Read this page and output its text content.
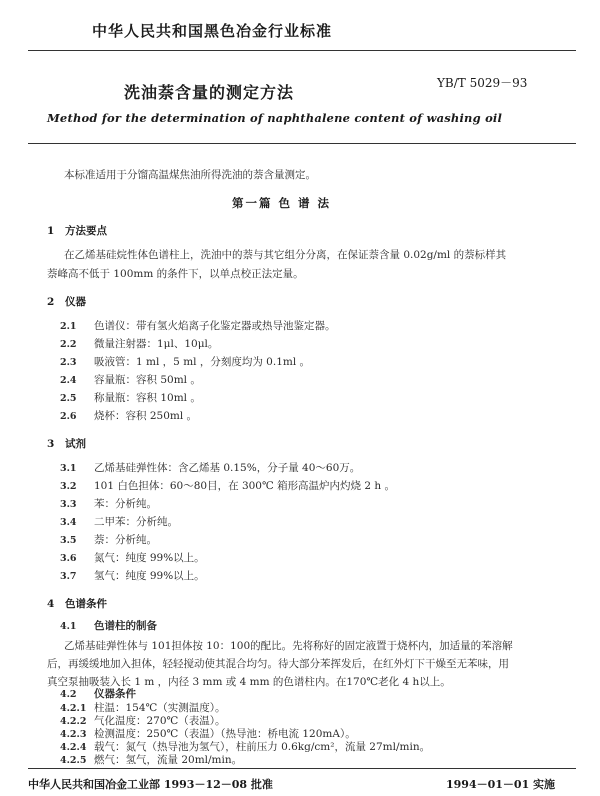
中华人民共和国黑色冶金行业标准
洗油萘含量的测定方法	YB/T 5029－93
Method for the determination of naphthalene content of washing oil
本标准适用于分馏高温煤焦油所得洗油的萘含量测定。
第一篇 色 谱 法
1 方法要点
在乙烯基硅烷性体色谱柱上，洗油中的萘与其它组分分离，在保证萘含量 0.02g/ml 的萘标样其
萘峰高不低于 100mm 的条件下，以单点校正法定量。
2 仪器
2.1 色谱仪：带有氢火焰离子化鉴定器或热导池鉴定器。
2.2 微量注射器：1μl、10μl。
2.3 吸液管：1 ml ，5 ml ，分刻度均为 0.1ml 。
2.4 容量瓶：容积 50ml 。
2.5 称量瓶：容积 10ml 。
2.6 烧杯：容积 250ml 。
3 试剂
3.1 乙烯基硅弹性体：含乙烯基 0.15%，分子量 40～60万。
3.2 101 白色担体：60～80目，在 300℃ 箱形高温炉内灼烧 2 h 。
3.3 苯：分析纯。
3.4 二甲苯：分析纯。
3.5 萘：分析纯。
3.6 氮气：纯度 99%以上。
3.7 氢气：纯度 99%以上。
4 色谱条件
4.1 色谱柱的制备
乙烯基硅弹性体与 101担体按 10：100的配比。先将称好的固定液置于烧杯内，加适量的苯溶解
后，再缓缓地加入担体，轻轻搅动使其混合均匀。待大部分苯挥发后，在红外灯下干燥至无苯味，用
真空泵抽吸装入长 1 m ，内径 3 mm 或 4 mm 的色谱柱内。在170℃老化 4 h以上。
4.2 仪器条件
4.2.1 柱温：154℃（实测温度）。
4.2.2 气化温度：270℃（表温）。
4.2.3 检测温度：250℃（表温）（热导池：桥电流 120mA）。
中华人民共和国冶金工业部 1993－12－08 批准	1994－01－01 实施
4.2.4 载气：氮气（热导池为氢气），柱前压力 0.6kg/cm²，流量 27ml/min。
4.2.5 燃气：氢气，流量 20ml/min。
